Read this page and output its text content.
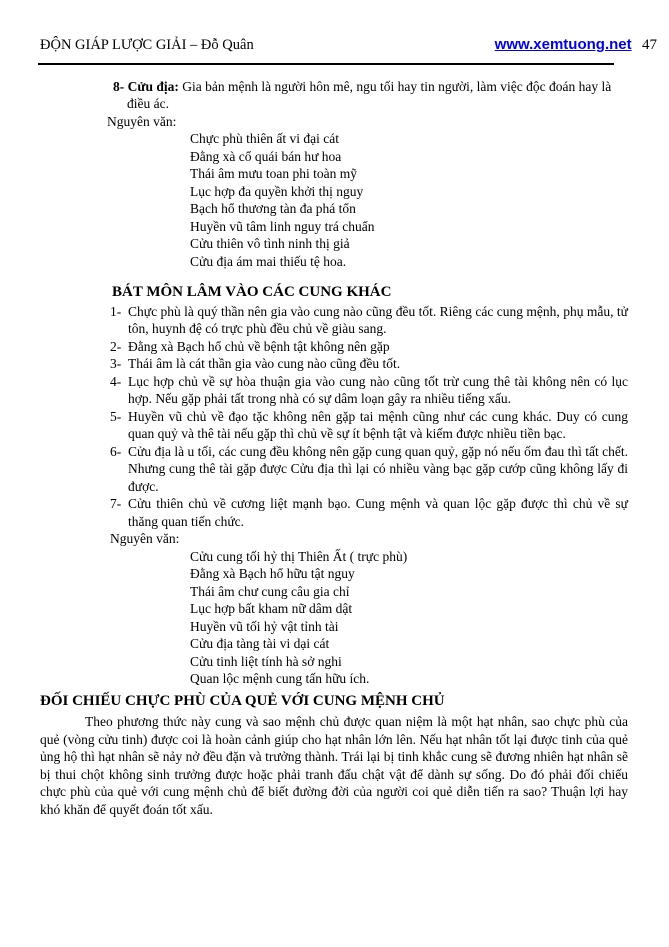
ĐỘN GIÁP LƯỢC GIẢI – Đỗ Quân	www.xemtuong.net 47
8- Cửu địa: Gia bản mệnh là người hôn mê, ngu tối hay tin người, làm việc độc đoán hay là điều ác.
Nguyên văn:
Chực phù thiên ất vi đại cát
Đằng xà cổ quái bán hư hoa
Thái âm mưu toan phi toàn mỹ
Lục hợp đa quyền khởi thị nguy
Bạch hổ thương tàn đa phá tổn
Huyền vũ tâm linh nguy trá chuẩn
Cửu thiên vô tình ninh thị giả
Cửu địa ám mai thiếu tệ hoa.
BÁT MÔN LÂM VÀO CÁC CUNG KHÁC
1- Chực phù là quý thần nên gia vào cung nào cũng đều tốt. Riêng các cung mệnh, phụ mẫu, tử tôn, huynh đệ có trực phù đều chủ về giàu sang.
2- Đằng xà Bạch hổ chủ về bệnh tật không nên gặp
3- Thái âm là cát thần gia vào cung nào cũng đều tốt.
4- Lục hợp chủ về sự hòa thuận gia vào cung nào cũng tốt trừ cung thê tài không nên có lục hợp. Nếu gặp phải tất trong nhà có sự dâm loạn gây ra nhiều tiếng xấu.
5- Huyền vũ chủ về đạo tặc không nên gặp tai mệnh cũng như các cung khác. Duy có cung quan quỷ và thê tài nếu gặp thì chủ về sự ít bệnh tật và kiếm được nhiều tiền bạc.
6- Cửu địa là u tối, các cung đều không nên gặp cung quan quỷ, gặp nó nếu ốm đau thì tất chết. Nhưng cung thê tài gặp được Cửu địa thì lại có nhiều vàng bạc gặp cướp cũng không lấy đi được.
7- Cửu thiên chủ về cương liệt mạnh bạo. Cung mệnh và quan lộc gặp được thì chủ về sự thăng quan tiến chức.
Nguyên văn:
Cửu cung tối hỷ thị Thiên Ất ( trực phù)
Đằng xà Bạch hổ hữu tật nguy
Thái âm chư cung câu gia chỉ
Lục hợp bất kham nữ dâm dật
Huyền vũ tối hỷ vật tỉnh tài
Cửu địa tàng tài vi dại cát
Cửu tinh liệt tính hà sở nghi
Quan lộc mệnh cung tấn hữu ích.
ĐỐI CHIẾU CHỰC PHÙ CỦA QUẺ VỚI CUNG MỆNH CHỦ
Theo phương thức này cung và sao mệnh chủ được quan niệm là một hạt nhân, sao chực phù của quẻ (vòng cửu tinh) được coi là hoàn cảnh giúp cho hạt nhân lớn lên. Nếu hạt nhân tốt lại được tinh của quẻ ủng hộ thì hạt nhân sẽ nảy nở đều đặn và trưởng thành. Trái lại bị tinh khắc cung sẽ đương nhiên hạt nhân sẽ bị thui chột không sinh trưởng được hoặc phải tranh đấu chật vật để dành sự sống. Do đó phải đối chiếu chực phù của quẻ với cung mệnh chủ để biết đường đời của người coi quẻ diễn tiến ra sao? Thuận lợi hay khó khăn để quyết đoán tốt xấu.
